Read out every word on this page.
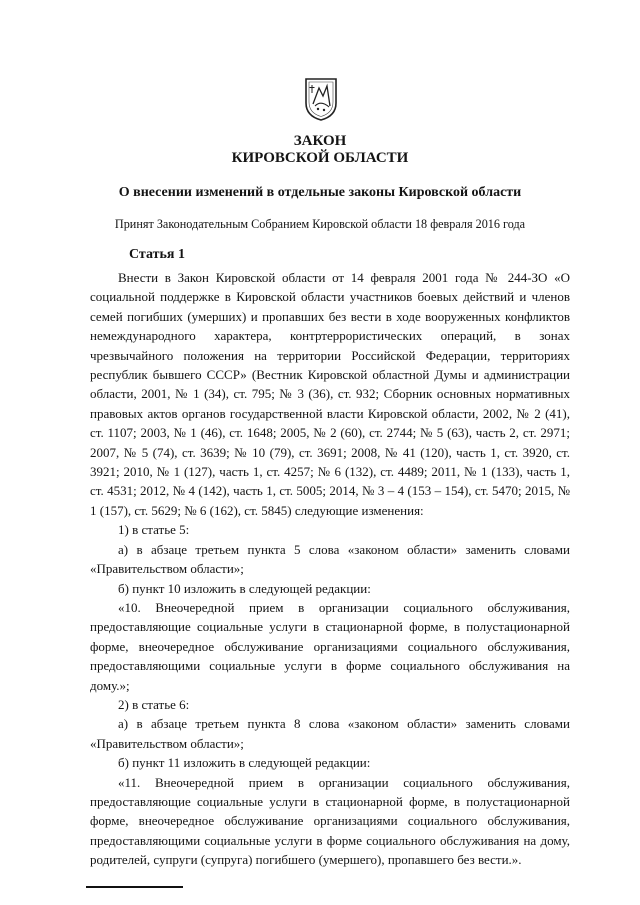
ЗАКОН
КИРОВСКОЙ ОБЛАСТИ
О внесении изменений в отдельные законы Кировской области
Принят Законодательным Собранием Кировской области 18 февраля 2016 года
Статья 1

Внести в Закон Кировской области от 14 февраля 2001 года № 244-ЗО «О социальной поддержке в Кировской области участников боевых действий и членов семей погибших (умерших) и пропавших без вести в ходе вооруженных конфликтов немеждународного характера, контртеррористических операций, в зонах чрезвычайного положения на территории Российской Федерации, территориях республик бывшего СССР» (Вестник Кировской областной Думы и администрации области, 2001, № 1 (34), ст. 795; № 3 (36), ст. 932; Сборник основных нормативных правовых актов органов государственной власти Кировской области, 2002, № 2 (41), ст. 1107; 2003, № 1 (46), ст. 1648; 2005, № 2 (60), ст. 2744; № 5 (63), часть 2, ст. 2971; 2007, № 5 (74), ст. 3639; № 10 (79), ст. 3691; 2008, № 41 (120), часть 1, ст. 3920, ст. 3921; 2010, № 1 (127), часть 1, ст. 4257; № 6 (132), ст. 4489; 2011, № 1 (133), часть 1, ст. 4531; 2012, № 4 (142), часть 1, ст. 5005; 2014, № 3 – 4 (153 – 154), ст. 5470; 2015, № 1 (157), ст. 5629; № 6 (162), ст. 5845) следующие изменения:

1) в статье 5:

а) в абзаце третьем пункта 5 слова «законом области» заменить словами «Правительством области»;

б) пункт 10 изложить в следующей редакции:

«10. Внеочередной прием в организации социального обслуживания, предоставляющие социальные услуги в стационарной форме, в полустационарной форме, внеочередное обслуживание организациями социального обслуживания, предоставляющими социальные услуги в форме социального обслуживания на дому.»;

2) в статье 6:

а) в абзаце третьем пункта 8 слова «законом области» заменить словами «Правительством области»;

б) пункт 11 изложить в следующей редакции:

«11. Внеочередной прием в организации социального обслуживания, предоставляющие социальные услуги в стационарной форме, в полустационарной форме, внеочередное обслуживание организациями социального обслуживания, предоставляющими социальные услуги в форме социального обслуживания на дому, родителей, супруги (супруга) погибшего (умершего), пропавшего без вести.».
